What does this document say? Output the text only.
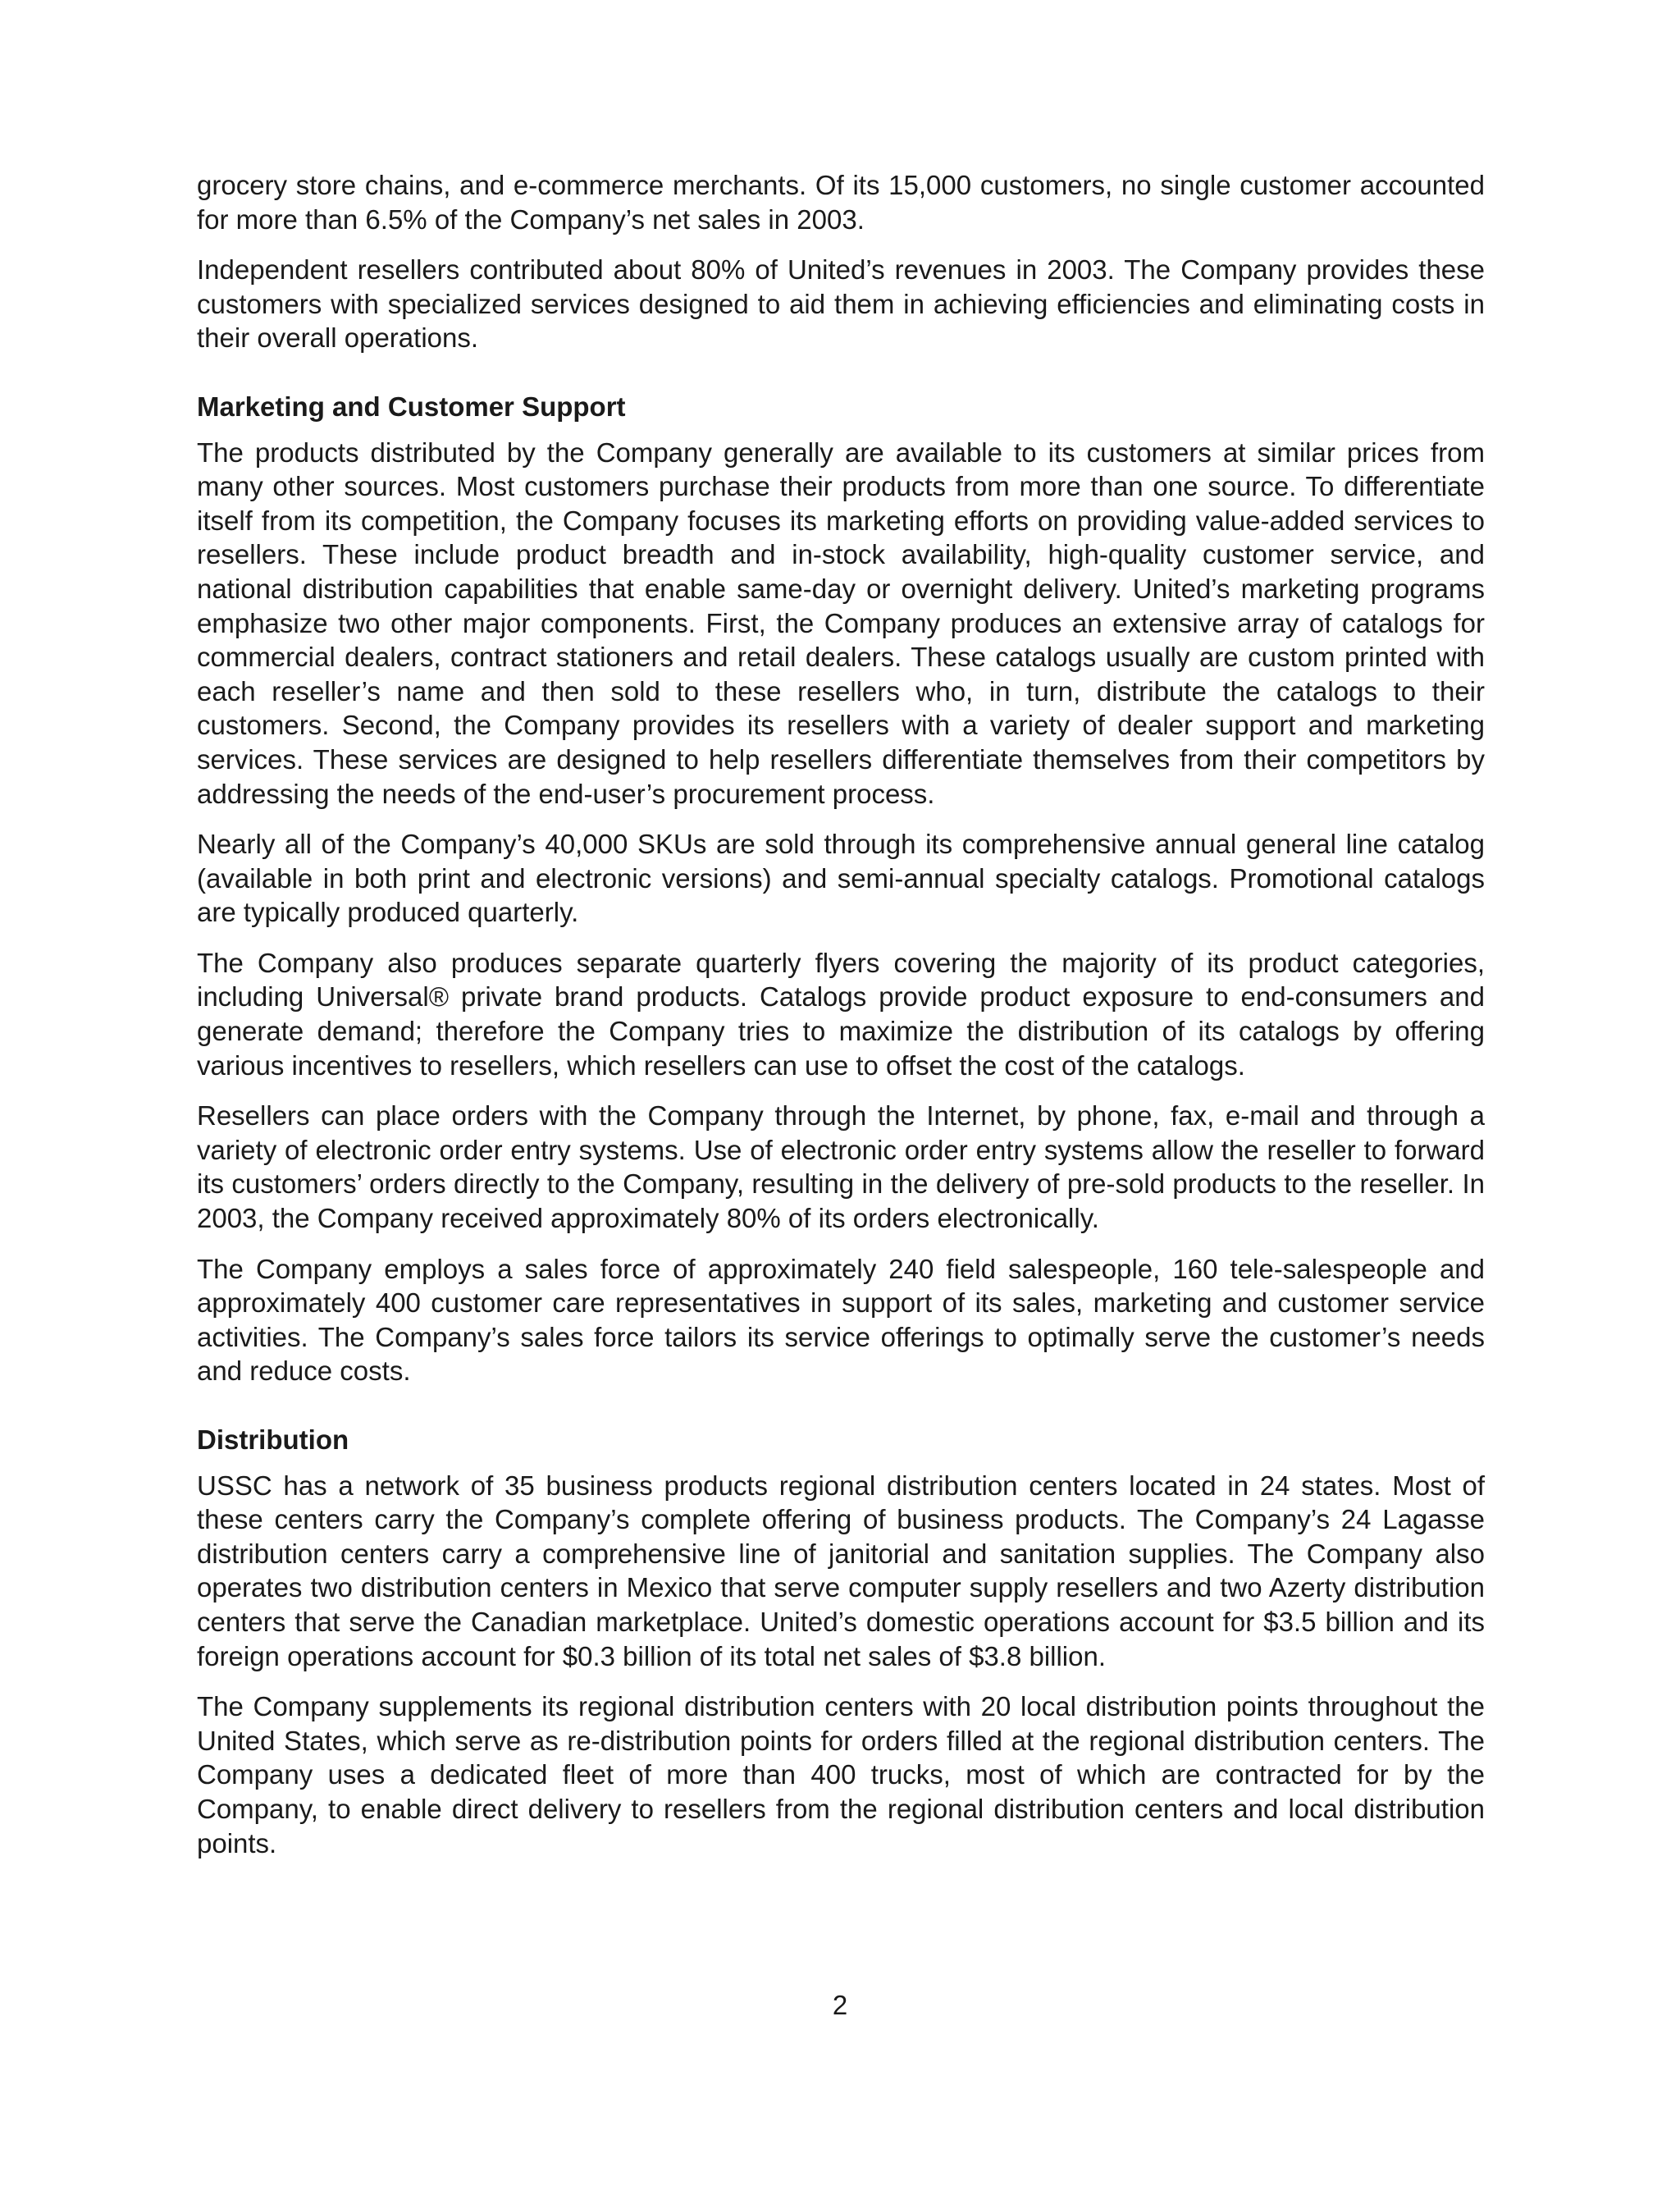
grocery store chains, and e-commerce merchants. Of its 15,000 customers, no single customer accounted for more than 6.5% of the Company’s net sales in 2003.

Independent resellers contributed about 80% of United’s revenues in 2003. The Company provides these customers with specialized services designed to aid them in achieving efficiencies and eliminating costs in their overall operations.

Marketing and Customer Support

The products distributed by the Company generally are available to its customers at similar prices from many other sources. Most customers purchase their products from more than one source. To differentiate itself from its competition, the Company focuses its marketing efforts on providing value-added services to resellers. These include product breadth and in-stock availability, high-quality customer service, and national distribution capabilities that enable same-day or overnight delivery. United’s marketing programs emphasize two other major components. First, the Company produces an extensive array of catalogs for commercial dealers, contract stationers and retail dealers. These catalogs usually are custom printed with each reseller’s name and then sold to these resellers who, in turn, distribute the catalogs to their customers. Second, the Company provides its resellers with a variety of dealer support and marketing services. These services are designed to help resellers differentiate themselves from their competitors by addressing the needs of the end-user’s procurement process.

Nearly all of the Company’s 40,000 SKUs are sold through its comprehensive annual general line catalog (available in both print and electronic versions) and semi-annual specialty catalogs. Promotional catalogs are typically produced quarterly.

The Company also produces separate quarterly flyers covering the majority of its product categories, including Universal® private brand products. Catalogs provide product exposure to end-consumers and generate demand; therefore the Company tries to maximize the distribution of its catalogs by offering various incentives to resellers, which resellers can use to offset the cost of the catalogs.

Resellers can place orders with the Company through the Internet, by phone, fax, e-mail and through a variety of electronic order entry systems. Use of electronic order entry systems allow the reseller to forward its customers’ orders directly to the Company, resulting in the delivery of pre-sold products to the reseller. In 2003, the Company received approximately 80% of its orders electronically.

The Company employs a sales force of approximately 240 field salespeople, 160 tele-salespeople and approximately 400 customer care representatives in support of its sales, marketing and customer service activities. The Company’s sales force tailors its service offerings to optimally serve the customer’s needs and reduce costs.

Distribution

USSC has a network of 35 business products regional distribution centers located in 24 states. Most of these centers carry the Company’s complete offering of business products. The Company’s 24 Lagasse distribution centers carry a comprehensive line of janitorial and sanitation supplies. The Company also operates two distribution centers in Mexico that serve computer supply resellers and two Azerty distribution centers that serve the Canadian marketplace. United’s domestic operations account for $3.5 billion and its foreign operations account for $0.3 billion of its total net sales of $3.8 billion.

The Company supplements its regional distribution centers with 20 local distribution points throughout the United States, which serve as re-distribution points for orders filled at the regional distribution centers. The Company uses a dedicated fleet of more than 400 trucks, most of which are contracted for by the Company, to enable direct delivery to resellers from the regional distribution centers and local distribution points.

2
